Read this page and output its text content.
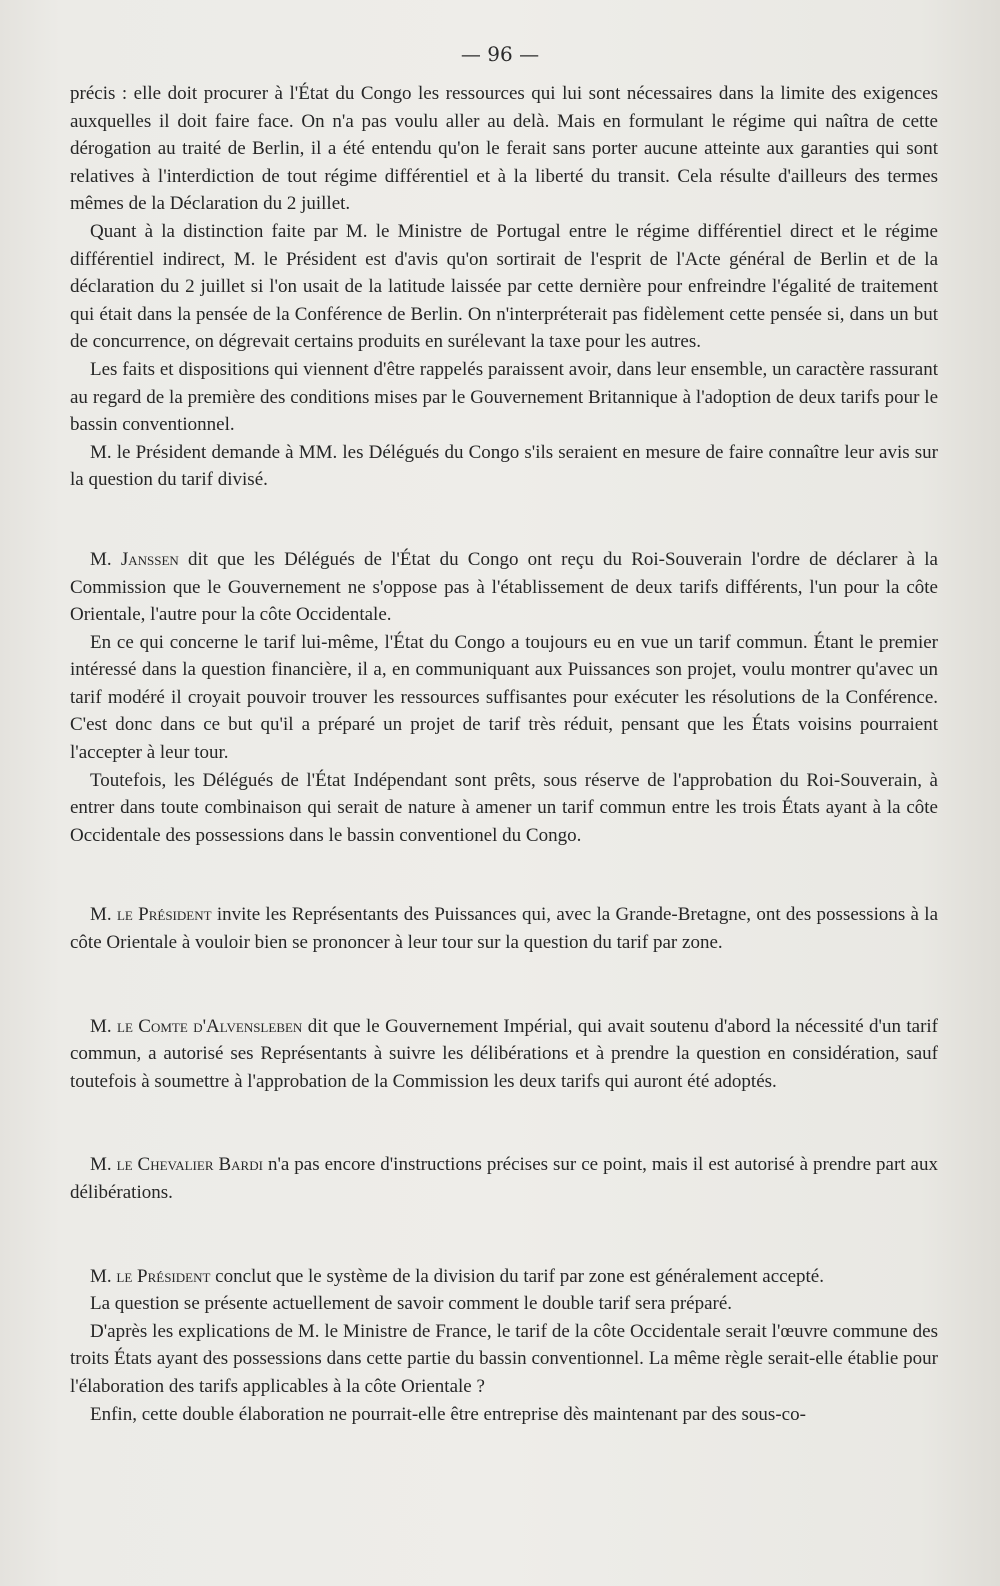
— 96 —

précis : elle doit procurer à l'État du Congo les ressources qui lui sont nécessaires dans la limite des exigences auxquelles il doit faire face. On n'a pas voulu aller au delà. Mais en formulant le régime qui naîtra de cette dérogation au traité de Berlin, il a été entendu qu'on le ferait sans porter aucune atteinte aux garanties qui sont relatives à l'interdiction de tout régime différentiel et à la liberté du transit. Cela résulte d'ailleurs des termes mêmes de la Déclaration du 2 juillet.

Quant à la distinction faite par M. le Ministre de Portugal entre le régime différentiel direct et le régime différentiel indirect, M. le Président est d'avis qu'on sortirait de l'esprit de l'Acte général de Berlin et de la déclaration du 2 juillet si l'on usait de la latitude laissée par cette dernière pour enfreindre l'égalité de traitement qui était dans la pensée de la Conférence de Berlin. On n'interpréterait pas fidèlement cette pensée si, dans un but de concurrence, on dégrevait certains produits en surélevant la taxe pour les autres.

Les faits et dispositions qui viennent d'être rappelés paraissent avoir, dans leur ensemble, un caractère rassurant au regard de la première des conditions mises par le Gouvernement Britannique à l'adoption de deux tarifs pour le bassin conventionnel.

M. le Président demande à MM. les Délégués du Congo s'ils seraient en mesure de faire connaître leur avis sur la question du tarif divisé.

M. Janssen dit que les Délégués de l'État du Congo ont reçu du Roi-Souverain l'ordre de déclarer à la Commission que le Gouvernement ne s'oppose pas à l'établissement de deux tarifs différents, l'un pour la côte Orientale, l'autre pour la côte Occidentale.

En ce qui concerne le tarif lui-même, l'État du Congo a toujours eu en vue un tarif commun. Étant le premier intéressé dans la question financière, il a, en communiquant aux Puissances son projet, voulu montrer qu'avec un tarif modéré il croyait pouvoir trouver les ressources suffisantes pour exécuter les résolutions de la Conférence. C'est donc dans ce but qu'il a préparé un projet de tarif très réduit, pensant que les États voisins pourraient l'accepter à leur tour.

Toutefois, les Délégués de l'État Indépendant sont prêts, sous réserve de l'approbation du Roi-Souverain, à entrer dans toute combinaison qui serait de nature à amener un tarif commun entre les trois États ayant à la côte Occidentale des possessions dans le bassin conventionel du Congo.

M. le Président invite les Représentants des Puissances qui, avec la Grande-Bretagne, ont des possessions à la côte Orientale à vouloir bien se prononcer à leur tour sur la question du tarif par zone.

M. le Comte d'Alvensleben dit que le Gouvernement Impérial, qui avait soutenu d'abord la nécessité d'un tarif commun, a autorisé ses Représentants à suivre les délibérations et à prendre la question en considération, sauf toutefois à soumettre à l'approbation de la Commission les deux tarifs qui auront été adoptés.

M. le Chevalier Bardi n'a pas encore d'instructions précises sur ce point, mais il est autorisé à prendre part aux délibérations.

M. le Président conclut que le système de la division du tarif par zone est généralement accepté.

La question se présente actuellement de savoir comment le double tarif sera préparé.

D'après les explications de M. le Ministre de France, le tarif de la côte Occidentale serait l'œuvre commune des troits États ayant des possessions dans cette partie du bassin conventionnel. La même règle serait-elle établie pour l'élaboration des tarifs applicables à la côte Orientale ?

Enfin, cette double élaboration ne pourrait-elle être entreprise dès maintenant par des sous-co-
